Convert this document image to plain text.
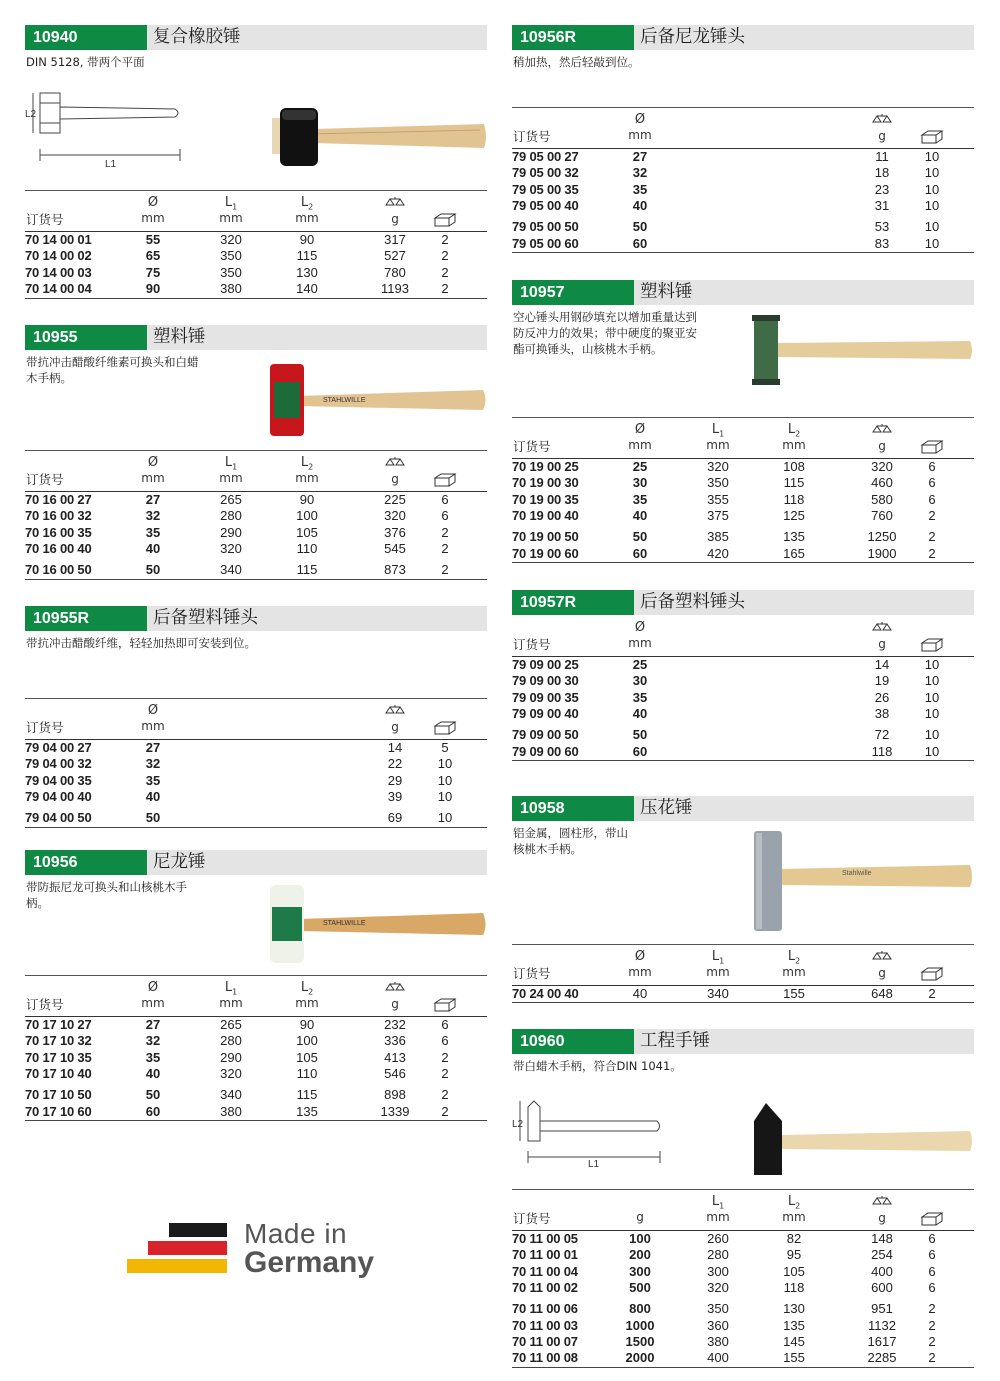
10940	复合橡胶锤
DIN 5128, 带两个平面
L2
L1
订货号
Ø
mm
$L_1$
mm
$L_2$
mm	g
70 14 00 01	55	320	90	317	2
70 14 00 02	65	350	115	527	2
70 14 00 03	75	350	130	780	2
70 14 00 04	90	380	140	1193	2
10955	塑料锤
带抗冲击醋酸纤维素可换头和白蜡
木手柄。
STAHLWILLE
订货号
Ø
mm
$L_1$
mm
$L_2$
mm	g
70 16 00 27	27	265	90	225	6
70 16 00 32	32	280	100	320	6
70 16 00 35	35	290	105	376	2
70 16 00 40	40	320	110	545	2
70 16 00 50	50	340	115	873	2
10955R	后备塑料锤头
带抗冲击醋酸纤维，轻轻加热即可安装到位。
订货号
Ø
mm	g
79 04 00 27	27	14	5
79 04 00 32	32	22	10
79 04 00 35	35	29	10
79 04 00 40	40	39	10
79 04 00 50	50	69	10
10956	尼龙锤
带防振尼龙可换头和山核桃木手
柄。
STAHLWILLE
订货号
Ø
mm
$L_1$
mm
$L_2$
mm	g
70 17 10 27	27	265	90	232	6
70 17 10 32	32	280	100	336	6
70 17 10 35	35	290	105	413	2
70 17 10 40	40	320	110	546	2
70 17 10 50	50	340	115	898	2
70 17 10 60	60	380	135	1339	2
Made in
Germany
10956R	后备尼龙锤头
稍加热，然后轻敲到位。
订货号
Ø
mm	g
79 05 00 27	27	11	10
79 05 00 32	32	18	10
79 05 00 35	35	23	10
79 05 00 40	40	31	10
79 05 00 50	50	53	10
79 05 00 60	60	83	10
10957	塑料锤
空心锤头用钢砂填充以增加重量达到
防反冲力的效果；带中硬度的聚亚安
酯可换锤头，山核桃木手柄。
订货号
Ø
mm
$L_1$
mm
$L_2$
mm	g
70 19 00 25	25	320	108	320	6
70 19 00 30	30	350	115	460	6
70 19 00 35	35	355	118	580	6
70 19 00 40	40	375	125	760	2
70 19 00 50	50	385	135	1250	2
70 19 00 60	60	420	165	1900	2
10957R	后备塑料锤头
订货号
Ø
mm	g
79 09 00 25	25	14	10
79 09 00 30	30	19	10
79 09 00 35	35	26	10
79 09 00 40	40	38	10
79 09 00 50	50	72	10
79 09 00 60	60	118	10
10958	压花锤
铝金属，圆柱形，带山
核桃木手柄。
Stahlwille
订货号
Ø
mm
$L_1$
mm
$L_2$
mm	g
70 24 00 40	40	340	155	648	2
10960	工程手锤
带白蜡木手柄，符合DIN 1041。
L2
L1
订货号	g
$L_1$
mm
$L_2$
mm	g
70 11 00 05	100	260	82	148	6
70 11 00 01	200	280	95	254	6
70 11 00 04	300	300	105	400	6
70 11 00 02	500	320	118	600	6
70 11 00 06	800	350	130	951	2
70 11 00 03	1000	360	135	1132	2
70 11 00 07	1500	380	145	1617	2
70 11 00 08	2000	400	155	2285	2
